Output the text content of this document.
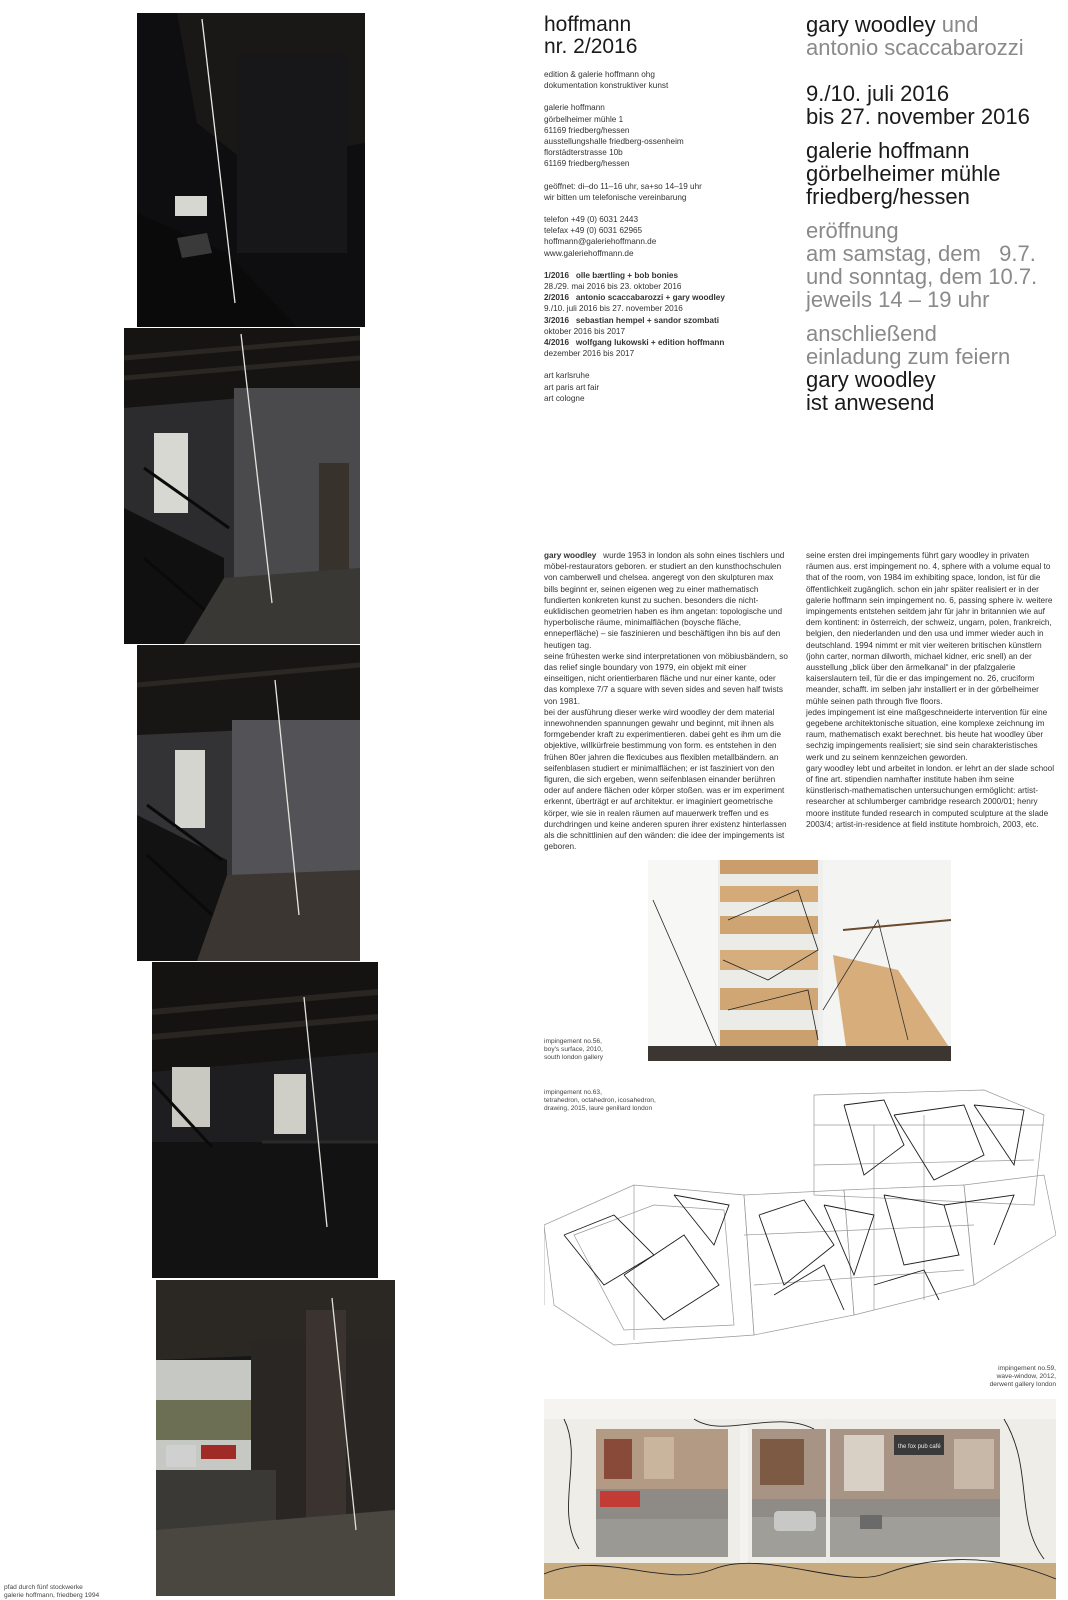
pfad durch fünf stockwerke

galerie hoffmann, friedberg 1994

hoffmann
nr. 2/2016

edition & galerie hoffmann ohg

dokumentation konstruktiver kunst

galerie hoffmann

görbelheimer mühle 1

61169 friedberg/hessen

ausstellungshalle friedberg-ossenheim

florstädterstrasse 10b

61169 friedberg/hessen

geöffnet: di–do 11–16 uhr, sa+so 14–19 uhr

wir bitten um telefonische vereinbarung

telefon +49 (0) 6031 2443

telefax +49 (0) 6031 62965

hoffmann@galeriehoffmann.de

www.galeriehoffmann.de

1/2016 olle bærtling + bob bonies

28./29. mai 2016 bis 23. oktober 2016

2/2016 antonio scaccabarozzi + gary woodley

9./10. juli 2016 bis 27. november 2016

3/2016 sebastian hempel + sandor szombati

oktober 2016 bis 2017

4/2016 wolfgang lukowski + edition hoffmann

dezember 2016 bis 2017

art karlsruhe

art paris art fair

art cologne

gary woodley und
antonio scaccabarozzi
9./10. juli 2016
bis 27. november 2016
galerie hoffmann
görbelheimer mühle
friedberg/hessen
eröffnung
am samstag, dem   9.7.
und sonntag, dem 10.7.
jeweils 14 – 19 uhr
anschließend
einladung zum feiern
gary woodley
ist anwesend

gary woodley wurde 1953 in london als sohn eines tischlers und möbel-restaurators geboren. er studiert an den kunsthochschulen von camberwell und chelsea. angeregt von den skulpturen max bills beginnt er, seinen eigenen weg zu einer mathematisch fundierten konkreten kunst zu suchen. besonders die nicht-euklidischen geometrien haben es ihm angetan: topologische und hyperbolische räume, minimalflächen (boysche fläche, enneperfläche) – sie faszinieren und beschäftigen ihn bis auf den heutigen tag.

seine frühesten werke sind interpretationen von möbiusbändern, so das relief single boundary von 1979, ein objekt mit einer einseitigen, nicht orientierbaren fläche und nur einer kante, oder das komplexe 7/7 a square with seven sides and seven half twists von 1981.

bei der ausführung dieser werke wird woodley der dem material innewohnenden spannungen gewahr und beginnt, mit ihnen als formgebender kraft zu experimentieren. dabei geht es ihm um die objektive, willkürfreie bestimmung von form. es entstehen in den frühen 80er jahren die flexicubes aus flexiblen metallbändern. an seifenblasen studiert er minimalflächen; er ist fasziniert von den figuren, die sich ergeben, wenn seifenblasen einander berühren oder auf andere flächen oder körper stoßen. was er im experiment erkennt, überträgt er auf architektur. er imaginiert geometrische körper, wie sie in realen räumen auf mauerwerk treffen und es durchdringen und keine anderen spuren ihrer existenz hinterlassen als die schnittlinien auf den wänden: die idee der impingements ist geboren.

seine ersten drei impingements führt gary woodley in privaten räumen aus. erst impingement no. 4, sphere with a volume equal to that of the room, von 1984 im exhibiting space, london, ist für die öffentlichkeit zugänglich. schon ein jahr später realisiert er in der galerie hoffmann sein impingement no. 6, passing sphere iv. weitere impingements entstehen seitdem jahr für jahr in britannien wie auf dem kontinent: in österreich, der schweiz, ungarn, polen, frankreich, belgien, den niederlanden und den usa und immer wieder auch in deutschland. 1994 nimmt er mit vier weiteren britischen künstlern (john carter, norman dilworth, michael kidner, eric snell) an der ausstellung „blick über den ärmelkanal“ in der pfalzgalerie kaiserslautern teil, für die er das impingement no. 26, cruciform meander, schafft. im selben jahr installiert er in der görbelheimer mühle seinen path through five floors.

jedes impingement ist eine maßgeschneiderte intervention für eine gegebene architektonische situation, eine komplexe zeichnung im raum, mathematisch exakt berechnet. bis heute hat woodley über sechzig impingements realisiert; sie sind sein charakteristisches werk und zu seinem kennzeichen geworden.

gary woodley lebt und arbeitet in london. er lehrt an der slade school of fine art. stipendien namhafter institute haben ihm seine künstlerisch-mathematischen untersuchungen ermöglicht: artist-researcher at schlumberger cambridge research 2000/01; henry moore institute funded research in computed sculpture at the slade 2003/4; artist-in-residence at field institute hombroich, 2003, etc.

impingement no.56,

boy's surface, 2010,

south london gallery

impingement no.63,

tetrahedron, octahedron, icosahedron,

drawing, 2015, laure genillard london

impingement no.59,

wave-window, 2012,

derwent gallery london

the fox pub café
